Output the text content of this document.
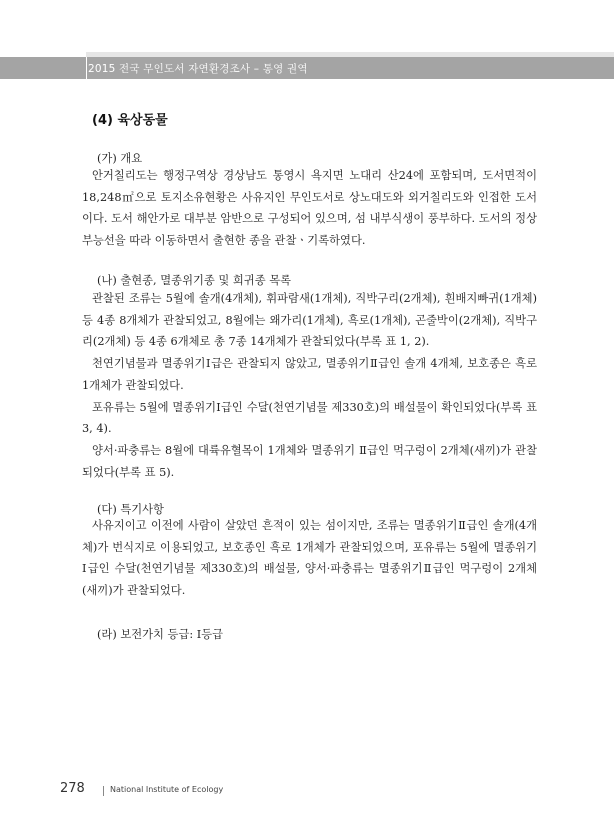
2015 전국 무인도서 자연환경조사 – 통영 권역
(4) 육상동물
(가) 개요

안거칠리도는 행정구역상 경상남도 통영시 욕지면 노대리 산24에 포함되며, 도서면적이 18,248㎡으로 토지소유현황은 사유지인 무인도서로 상노대도와 외거칠리도와 인접한 도서이다. 도서 해안가로 대부분 암반으로 구성되어 있으며, 섬 내부식생이 풍부하다. 도서의 정상부능선을 따라 이동하면서 출현한 종을 관찰ㆍ기록하였다.

(나) 출현종, 멸종위기종 및 희귀종 목록

관찰된 조류는 5월에 솔개(4개체), 휘파람새(1개체), 직박구리(2개체), 흰배지빠귀(1개체) 등 4종 8개체가 관찰되었고, 8월에는 왜가리(1개체), 흑로(1개체), 곤줄박이(2개체), 직박구리(2개체) 등 4종 6개체로 총 7종 14개체가 관찰되었다(부록 표 1, 2).

천연기념물과 멸종위기Ⅰ급은 관찰되지 않았고, 멸종위기Ⅱ급인 솔개 4개체, 보호종은 흑로 1개체가 관찰되었다.

포유류는 5월에 멸종위기Ⅰ급인 수달(천연기념물 제330호)의 배설물이 확인되었다(부록 표 3, 4).

양서·파충류는 8월에 대륙유혈목이 1개체와 멸종위기 Ⅱ급인 먹구렁이 2개체(새끼)가 관찰되었다(부록 표 5).

(다) 특기사항

사유지이고 이전에 사람이 살았던 흔적이 있는 섬이지만, 조류는 멸종위기Ⅱ급인 솔개(4개체)가 번식지로 이용되었고, 보호종인 흑로 1개체가 관찰되었으며, 포유류는 5월에 멸종위기Ⅰ급인 수달(천연기념물 제330호)의 배설물, 양서·파충류는 멸종위기Ⅱ급인 먹구렁이 2개체(새끼)가 관찰되었다.

(라) 보전가치 등급: Ⅰ등급
278	National Institute of Ecology
